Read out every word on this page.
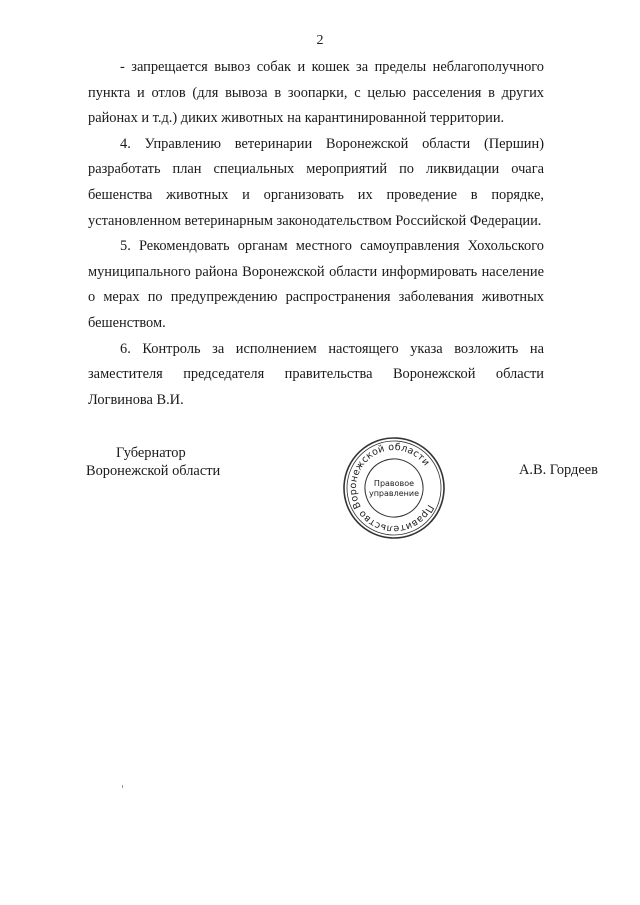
2

- запрещается вывоз собак и кошек за пределы неблагополучного пункта и отлов (для вывоза в зоопарки, с целью расселения в других районах и т.д.) диких животных на карантинированной территории.

4. Управлению ветеринарии Воронежской области (Першин) разработать план специальных мероприятий по ликвидации очага бешенства животных и организовать их проведение в порядке, установленном ветеринарным законодательством Российской Федерации.

5. Рекомендовать органам местного самоуправления Хохольского муниципального района Воронежской области информировать население о мерах по предупреждению распространения заболевания животных бешенством.

6. Контроль за исполнением настоящего указа возложить на заместителя председателя правительства Воронежской области Логвинова В.И.

Губернатор
Воронежской области
Правительство Воронежской области
Правовое
управление
А.В. Гордеев
